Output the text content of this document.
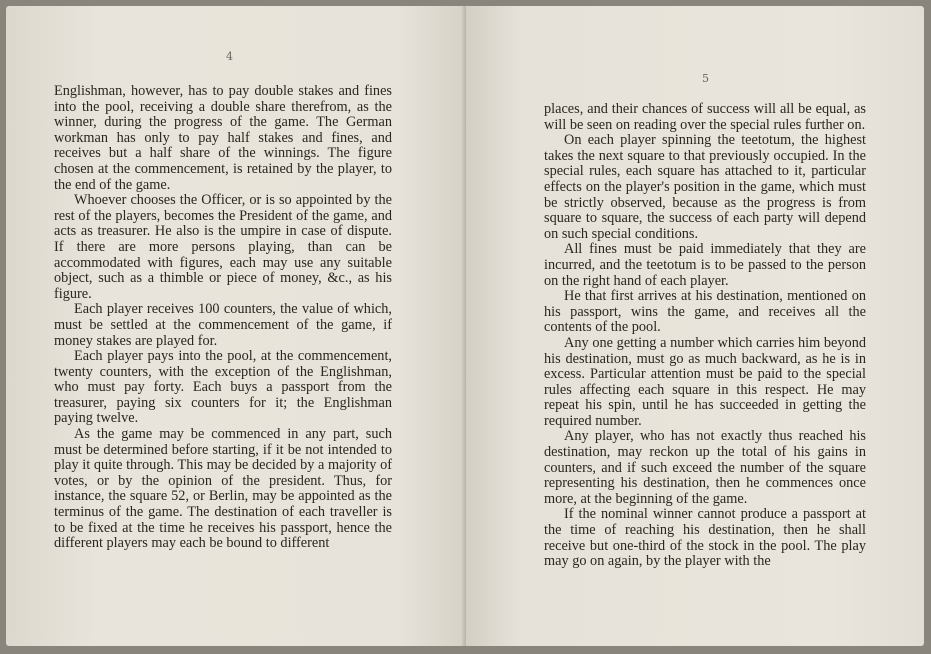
4

Englishman, however, has to pay double stakes and fines into the pool, receiving a double share therefrom, as the winner, during the progress of the game. The German workman has only to pay half stakes and fines, and receives but a half share of the winnings. The figure chosen at the commencement, is retained by the player, to the end of the game.

Whoever chooses the Officer, or is so appointed by the rest of the players, becomes the President of the game, and acts as treasurer. He also is the umpire in case of dispute. If there are more persons playing, than can be accommodated with figures, each may use any suitable object, such as a thimble or piece of money, &c., as his figure.

Each player receives 100 counters, the value of which, must be settled at the commencement of the game, if money stakes are played for.

Each player pays into the pool, at the commencement, twenty counters, with the exception of the Englishman, who must pay forty. Each buys a passport from the treasurer, paying six counters for it; the Englishman paying twelve.

As the game may be commenced in any part, such must be determined before starting, if it be not intended to play it quite through. This may be decided by a majority of votes, or by the opinion of the president. Thus, for instance, the square 52, or Berlin, may be appointed as the terminus of the game. The destination of each traveller is to be fixed at the time he receives his passport, hence the different players may each be bound to different

5

places, and their chances of success will all be equal, as will be seen on reading over the special rules further on.

On each player spinning the teetotum, the highest takes the next square to that previously occupied. In the special rules, each square has attached to it, particular effects on the player's position in the game, which must be strictly observed, because as the progress is from square to square, the success of each party will depend on such special conditions.

All fines must be paid immediately that they are incurred, and the teetotum is to be passed to the person on the right hand of each player.

He that first arrives at his destination, mentioned on his passport, wins the game, and receives all the contents of the pool.

Any one getting a number which carries him beyond his destination, must go as much backward, as he is in excess. Particular attention must be paid to the special rules affecting each square in this respect. He may repeat his spin, until he has succeeded in getting the required number.

Any player, who has not exactly thus reached his destination, may reckon up the total of his gains in counters, and if such exceed the number of the square representing his destination, then he commences once more, at the beginning of the game.

If the nominal winner cannot produce a passport at the time of reaching his destination, then he shall receive but one-third of the stock in the pool. The play may go on again, by the player with the
